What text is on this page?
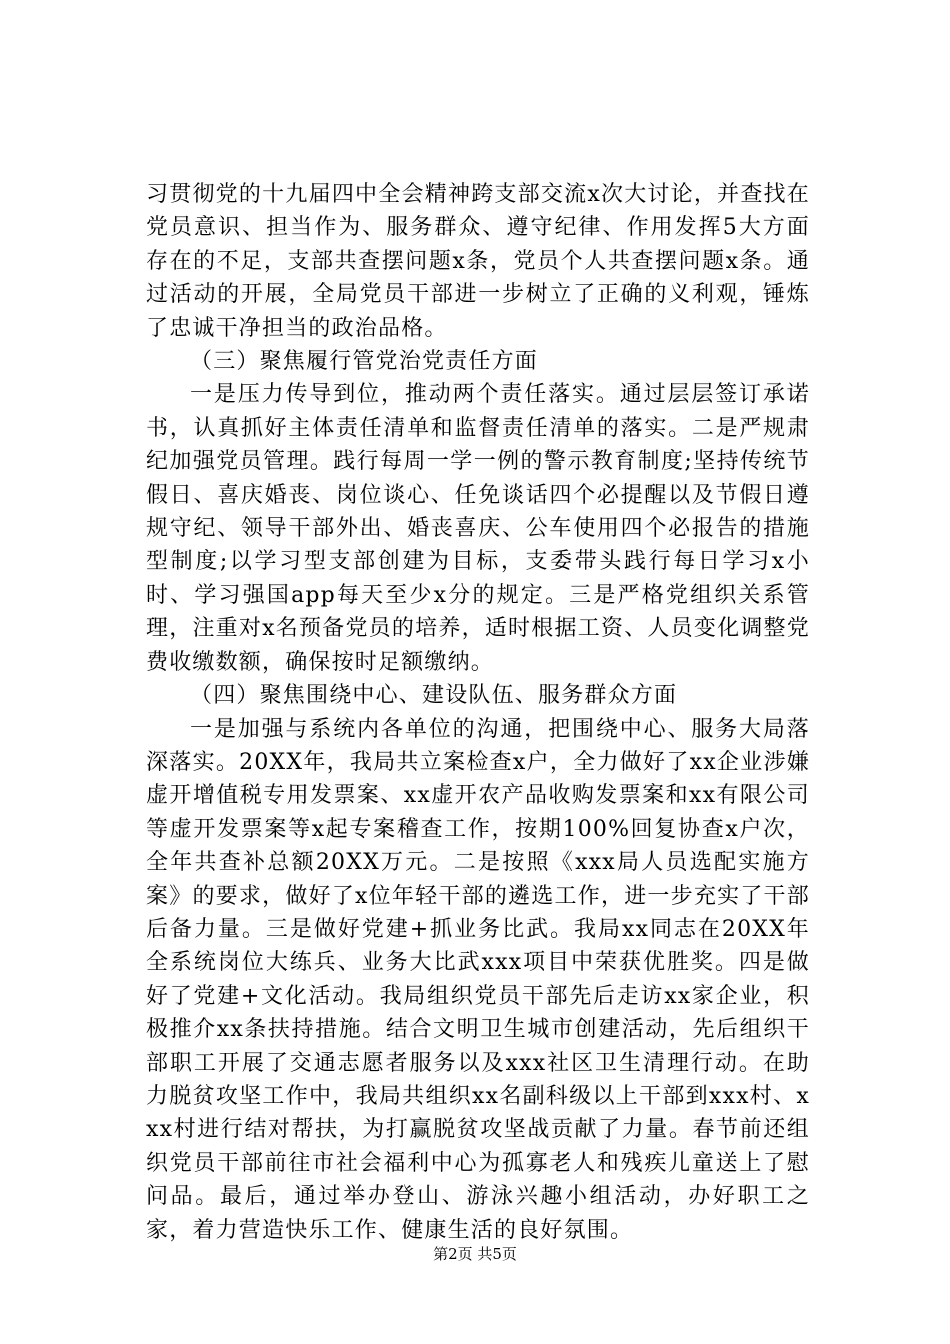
习贯彻党的十九届四中全会精神跨支部交流x次大讨论，并查找在党员意识、担当作为、服务群众、遵守纪律、作用发挥5大方面存在的不足，支部共查摆问题x条，党员个人共查摆问题x条。通过活动的开展，全局党员干部进一步树立了正确的义利观，锤炼了忠诚干净担当的政治品格。

（三）聚焦履行管党治党责任方面

一是压力传导到位，推动两个责任落实。通过层层签订承诺书，认真抓好主体责任清单和监督责任清单的落实。二是严规肃纪加强党员管理。践行每周一学一例的警示教育制度;坚持传统节假日、喜庆婚丧、岗位谈心、任免谈话四个必提醒以及节假日遵规守纪、领导干部外出、婚丧喜庆、公车使用四个必报告的措施型制度;以学习型支部创建为目标，支委带头践行每日学习x小时、学习强国app每天至少x分的规定。三是严格党组织关系管理，注重对x名预备党员的培养，适时根据工资、人员变化调整党费收缴数额，确保按时足额缴纳。

（四）聚焦围绕中心、建设队伍、服务群众方面

一是加强与系统内各单位的沟通，把围绕中心、服务大局落深落实。20XX年，我局共立案检查x户，全力做好了xx企业涉嫌虚开增值税专用发票案、xx虚开农产品收购发票案和xx有限公司等虚开发票案等x起专案稽查工作，按期100%回复协查x户次，全年共查补总额20XX万元。二是按照《xxx局人员选配实施方案》的要求，做好了x位年轻干部的遴选工作，进一步充实了干部后备力量。三是做好党建+抓业务比武。我局xx同志在20XX年全系统岗位大练兵、业务大比武xxx项目中荣获优胜奖。四是做好了党建+文化活动。我局组织党员干部先后走访xx家企业，积极推介xx条扶持措施。结合文明卫生城市创建活动，先后组织干部职工开展了交通志愿者服务以及xxx社区卫生清理行动。在助力脱贫攻坚工作中，我局共组织xx名副科级以上干部到xxx村、xxx村进行结对帮扶，为打赢脱贫攻坚战贡献了力量。春节前还组织党员干部前往市社会福利中心为孤寡老人和残疾儿童送上了慰问品。最后，通过举办登山、游泳兴趣小组活动，办好职工之家，着力营造快乐工作、健康生活的良好氛围。

第2页 共5页
